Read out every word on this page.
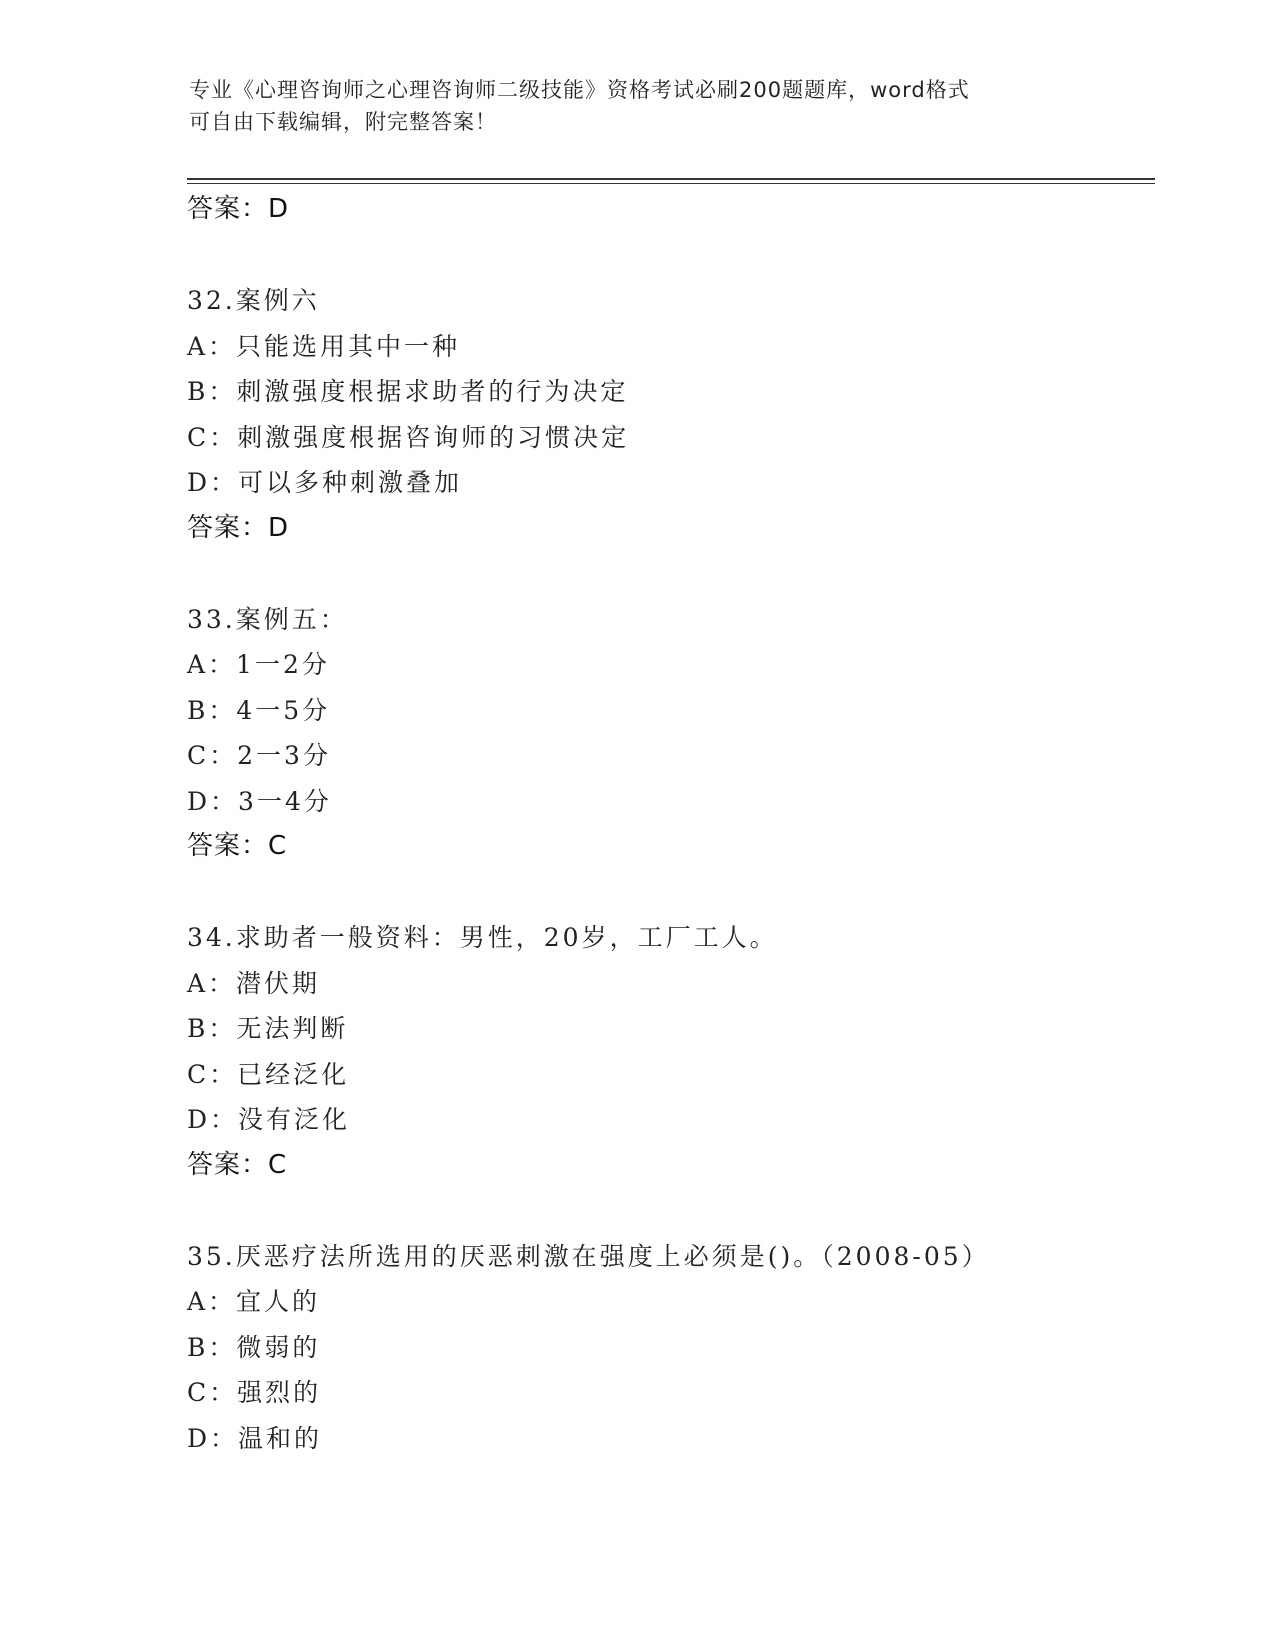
专业《心理咨询师之心理咨询师二级技能》资格考试必刷200题题库，word格式
可自由下载编辑，附完整答案！
答案：D
32.案例六
A：只能选用其中一种
B：刺激强度根据求助者的行为决定
C：刺激强度根据咨询师的习惯决定
D：可以多种刺激叠加
答案：D
33.案例五：
A：1一2分
B：4一5分
C：2一3分
D：3一4分
答案：C
34.求助者一般资料：男性，20岁，工厂工人。
A：潜伏期
B：无法判断
C：已经泛化
D：没有泛化
答案：C
35.厌恶疗法所选用的厌恶刺激在强度上必须是()。（2008-05）
A：宜人的
B：微弱的
C：强烈的
D：温和的
